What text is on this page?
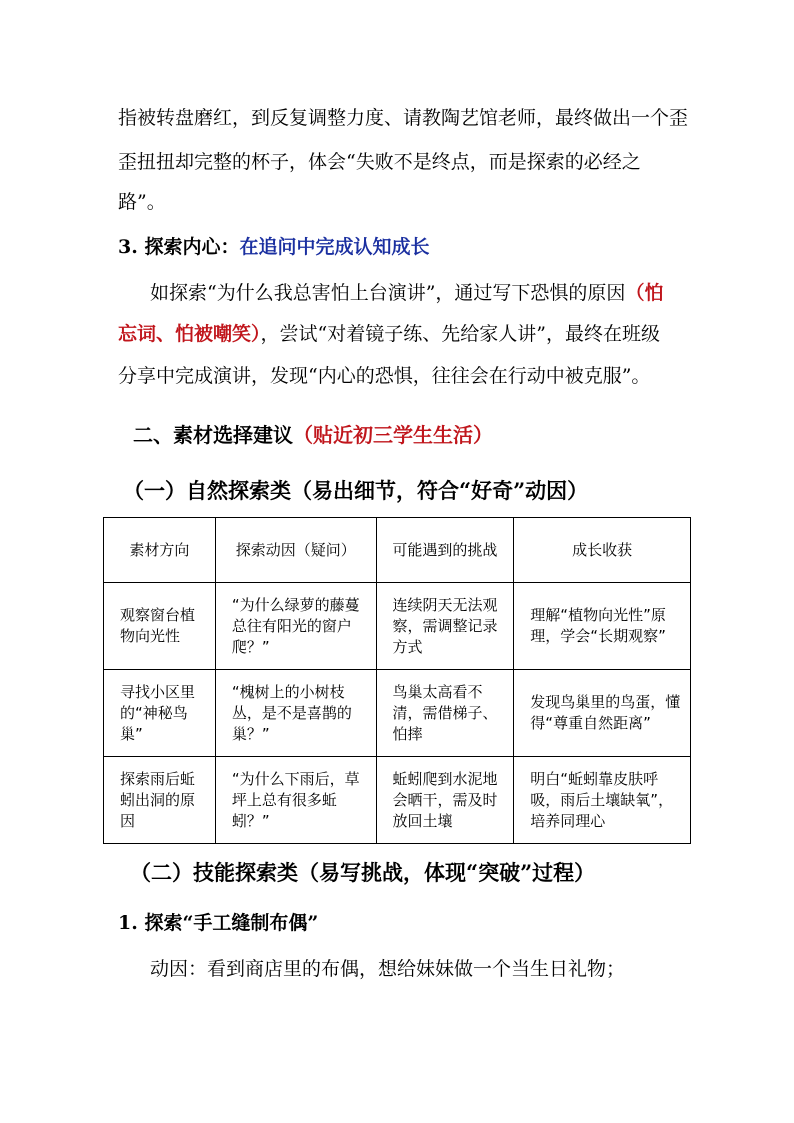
指被转盘磨红，到反复调整力度、请教陶艺馆老师，最终做出一个歪
歪扭扭却完整的杯子，体会“失败不是终点，而是探索的必经之
路”。
3. 探索内心：在追问中完成认知成长
如探索“为什么我总害怕上台演讲”，通过写下恐惧的原因（怕
忘词、怕被嘲笑），尝试“对着镜子练、先给家人讲”，最终在班级
分享中完成演讲，发现“内心的恐惧，往往会在行动中被克服”。
二、素材选择建议（贴近初三学生生活）
（一）自然探索类（易出细节，符合“好奇”动因）
素材方向	探索动因（疑问）	可能遇到的挑战	成长收获
观察窗台植物向光性	“为什么绿萝的藤蔓总往有阳光的窗户爬？”	连续阴天无法观察，需调整记录方式	理解“植物向光性”原理，学会“长期观察”
寻找小区里的“神秘鸟巢”	“槐树上的小树枝丛，是不是喜鹊的巢？”	鸟巢太高看不清，需借梯子、怕摔	发现鸟巢里的鸟蛋，懂得“尊重自然距离”
探索雨后蚯蚓出洞的原因	“为什么下雨后，草坪上总有很多蚯蚓？”	蚯蚓爬到水泥地会晒干，需及时放回土壤	明白“蚯蚓靠皮肤呼吸，雨后土壤缺氧”，培养同理心
（二）技能探索类（易写挑战，体现“突破”过程）
1. 探索“手工缝制布偶”
动因：看到商店里的布偶，想给妹妹做一个当生日礼物；
